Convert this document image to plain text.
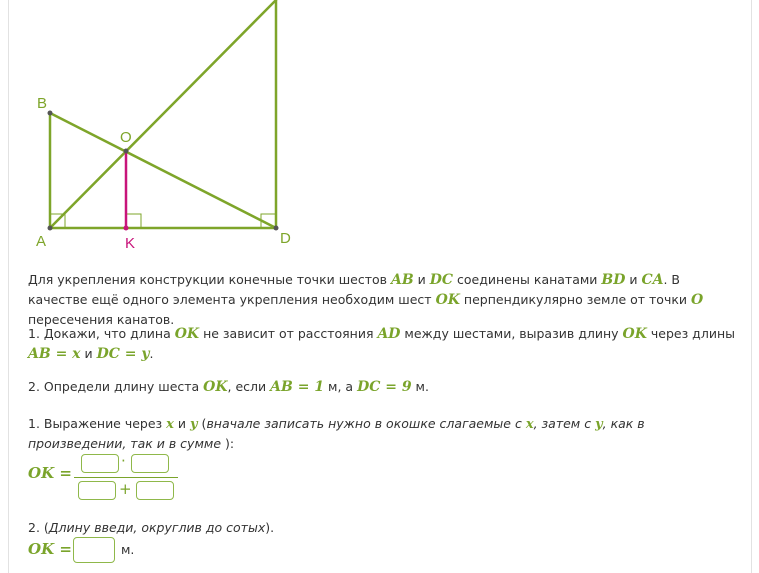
B
O
A	K	D
Для укрепления конструкции конечные точки шестов AB и DC соединены канатами BD и CA. В качестве ещё одного элемента укрепления необходим шест OK перпендикулярно земле от точки O пересечения канатов.
1. Докажи, что длина OK не зависит от расстояния AD между шестами, выразив длину OK через длины
AB = x и DC = y.
2. Определи длину шеста OK, если AB = 1 м, а DC = 9 м.
1. Выражение через x и y (вначале записать нужно в окошке слагаемые с x, затем с y, как в произведении, так и в сумме ):
OK =
·
+
2. (Длину введи, округлив до сотых).
OK =	м.
